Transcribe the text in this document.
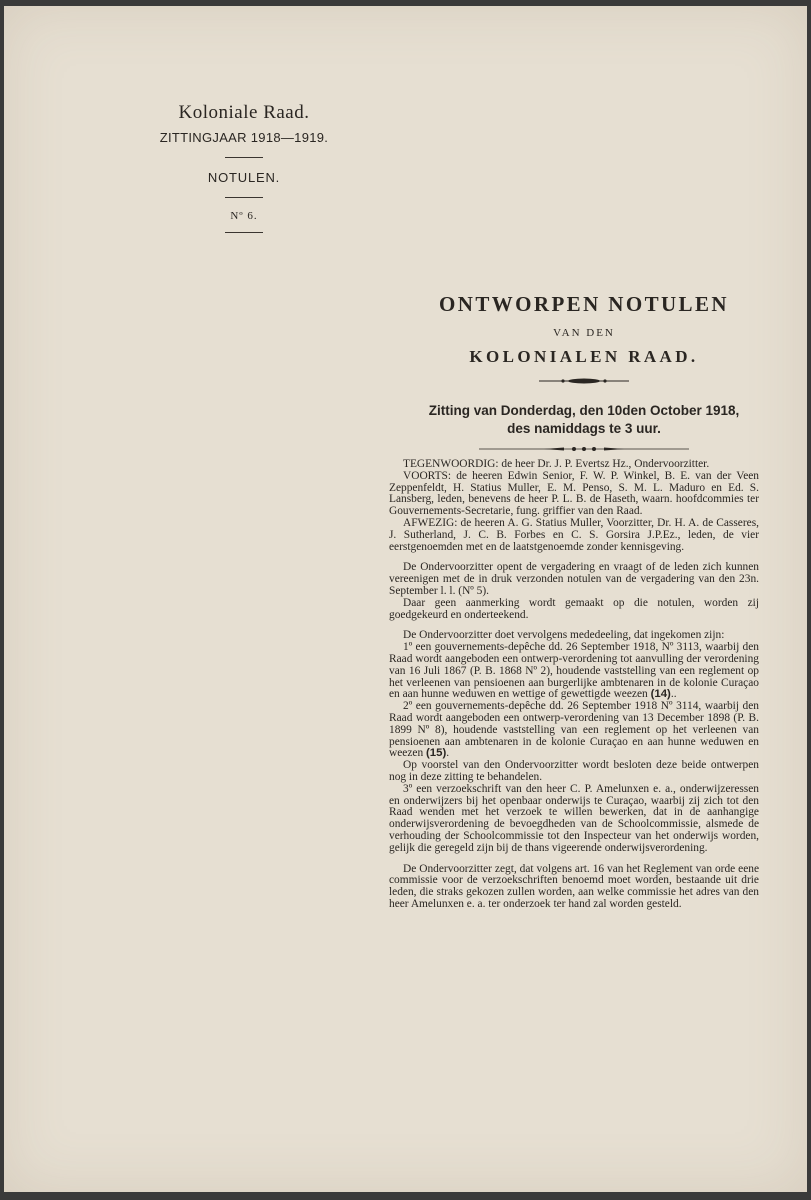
Koloniale Raad.
ZITTINGJAAR 1918—1919.
NOTULEN.
Nº 6.
ONTWORPEN NOTULEN
VAN DEN
KOLONIALEN RAAD.
Zitting van Donderdag, den 10den October 1918,
des namiddags te 3 uur.

TEGENWOORDIG: de heer Dr. J. P. Evertsz Hz., Ondervoorzitter.

VOORTS: de heeren Edwin Senior, F. W. P. Winkel, B. E. van der Veen Zeppenfeldt, H. Statius Muller, E. M. Penso, S. M. L. Maduro en Ed. S. Lansberg, leden, benevens de heer P. L. B. de Haseth, waarn. hoofdcommies ter Gouvernements-Secretarie, fung. griffier van den Raad.

AFWEZIG: de heeren A. G. Statius Muller, Voorzitter, Dr. H. A. de Casseres, J. Sutherland, J. C. B. Forbes en C. S. Gorsira J.P.Ez., leden, de vier eerstgenoemden met en de laatstgenoemde zonder kennisgeving.

De Ondervoorzitter opent de vergadering en vraagt of de leden zich kunnen vereenigen met de in druk verzonden notulen van de vergadering van den 23n. September l. l. (Nº 5).

Daar geen aanmerking wordt gemaakt op die notulen, worden zij goedgekeurd en onderteekend.

De Ondervoorzitter doet vervolgens mededeeling, dat ingekomen zijn:

1º een gouvernements-depêche dd. 26 September 1918, Nº 3113, waarbij den Raad wordt aangeboden een ontwerp-verordening tot aanvulling der verordening van 16 Juli 1867 (P. B. 1868 Nº 2), houdende vaststelling van een reglement op het verleenen van pensioenen aan burgerlijke ambtenaren in de kolonie Curaçao en aan hunne weduwen en wettige of gewettigde weezen (14)..

2º een gouvernements-depêche dd. 26 September 1918 Nº 3114, waarbij den Raad wordt aangeboden een ontwerp-verordening van 13 December 1898 (P. B. 1899 Nº 8), houdende vaststelling van een reglement op het verleenen van pensioenen aan ambtenaren in de kolonie Curaçao en aan hunne weduwen en weezen (15).

Op voorstel van den Ondervoorzitter wordt besloten deze beide ontwerpen nog in deze zitting te behandelen.

3º een verzoekschrift van den heer C. P. Amelunxen e. a., onderwijzeressen en onderwijzers bij het openbaar onderwijs te Curaçao, waarbij zij zich tot den Raad wenden met het verzoek te willen bewerken, dat in de aanhangige onderwijsverordening de bevoegdheden van de Schoolcommissie, alsmede de verhouding der Schoolcommissie tot den Inspecteur van het onderwijs worden, gelijk die geregeld zijn bij de thans vigeerende onderwijsverordening.

De Ondervoorzitter zegt, dat volgens art. 16 van het Reglement van orde eene commissie voor de verzoekschriften benoemd moet worden, bestaande uit drie leden, die straks gekozen zullen worden, aan welke commissie het adres van den heer Amelunxen e. a. ter onderzoek ter hand zal worden gesteld.
